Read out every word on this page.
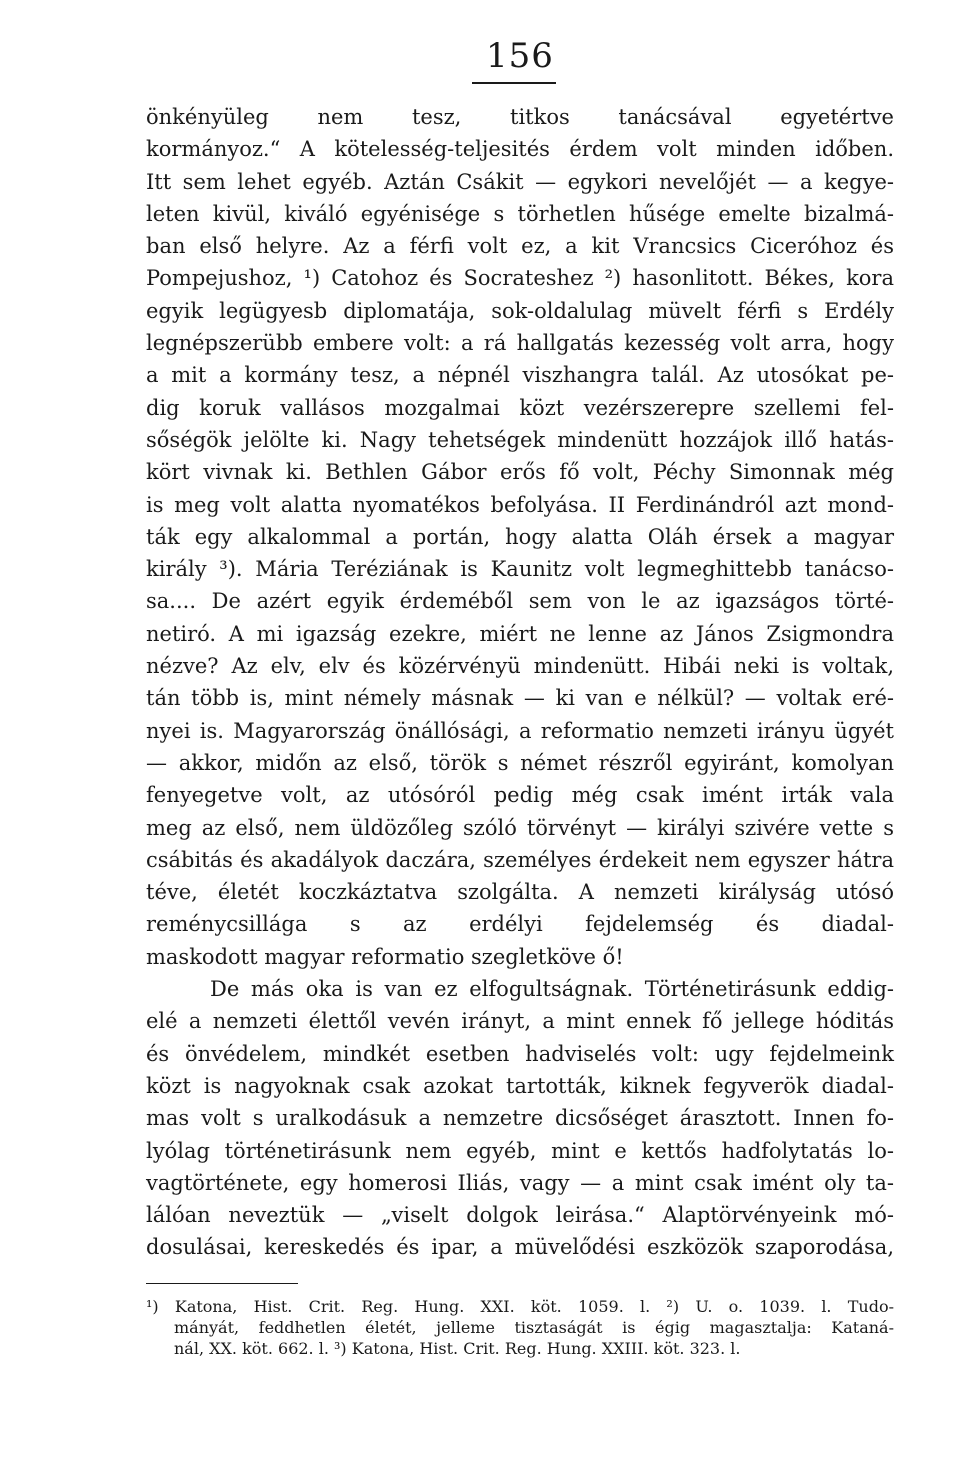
156
önkényüleg nem tesz, titkos tanácsával egyetértve
kormányoz.“ A kötelesség-teljesités érdem volt minden időben.
Itt sem lehet egyéb. Aztán Csákit — egykori nevelőjét — a kegye-
leten kivül, kiváló egyénisége s törhetlen hűsége emelte bizalmá-
ban első helyre. Az a férfi volt ez, a kit Vrancsics Ciceróhoz és
Pompejushoz, ¹) Catohoz és Socrateshez ²) hasonlitott. Békes, kora
egyik legügyesb diplomatája, sok-oldalulag müvelt férfi s Erdély
legnépszerübb embere volt: a rá hallgatás kezesség volt arra, hogy
a mit a kormány tesz, a népnél viszhangra talál. Az utosókat pe-
dig koruk vallásos mozgalmai közt vezérszerepre szellemi fel-
sőségök jelölte ki. Nagy tehetségek mindenütt hozzájok illő hatás-
kört vivnak ki. Bethlen Gábor erős fő volt, Péchy Simonnak még
is meg volt alatta nyomatékos befolyása. II Ferdinándról azt mond-
ták egy alkalommal a portán, hogy alatta Oláh érsek a magyar
király ³). Mária Teréziának is Kaunitz volt legmeghittebb tanácso-
sa.... De azért egyik érdeméből sem von le az igazságos törté-
netiró. A mi igazság ezekre, miért ne lenne az János Zsigmondra
nézve? Az elv, elv és közérvényü mindenütt. Hibái neki is voltak,
tán több is, mint némely másnak — ki van e nélkül? — voltak eré-
nyei is. Magyarország önállósági, a reformatio nemzeti irányu ügyét
— akkor, midőn az első, török s német részről egyiránt, komolyan
fenyegetve volt, az utósóról pedig még csak imént irták vala
meg az első, nem üldözőleg szóló törvényt — királyi szivére vette s
csábitás és akadályok daczára, személyes érdekeit nem egyszer hátra
téve, életét koczkáztatva szolgálta. A nemzeti királyság utósó
reménycsillága s az erdélyi fejdelemség és diadal-
maskodott magyar reformatio szegletköve ő!
De más oka is van ez elfogultságnak. Történetirásunk eddig-
elé a nemzeti élettől vevén irányt, a mint ennek fő jellege hóditás
és önvédelem, mindkét esetben hadviselés volt: ugy fejdelmeink
közt is nagyoknak csak azokat tartották, kiknek fegyverök diadal-
mas volt s uralkodásuk a nemzetre dicsőséget árasztott. Innen fo-
lyólag történetirásunk nem egyéb, mint e kettős hadfolytatás lo-
vagtörténete, egy homerosi Iliás, vagy — a mint csak imént oly ta-
lálóan neveztük — „viselt dolgok leirása.“ Alaptörvényeink mó-
dosulásai, kereskedés és ipar, a müvelődési eszközök szaporodása,
¹) Katona, Hist. Crit. Reg. Hung. XXI. köt. 1059. l. ²) U. o. 1039. l. Tudo-
mányát, feddhetlen életét, jelleme tisztaságát is égig magasztalja: Kataná-
nál, XX. köt. 662. l. ³) Katona, Hist. Crit. Reg. Hung. XXIII. köt. 323. l.
